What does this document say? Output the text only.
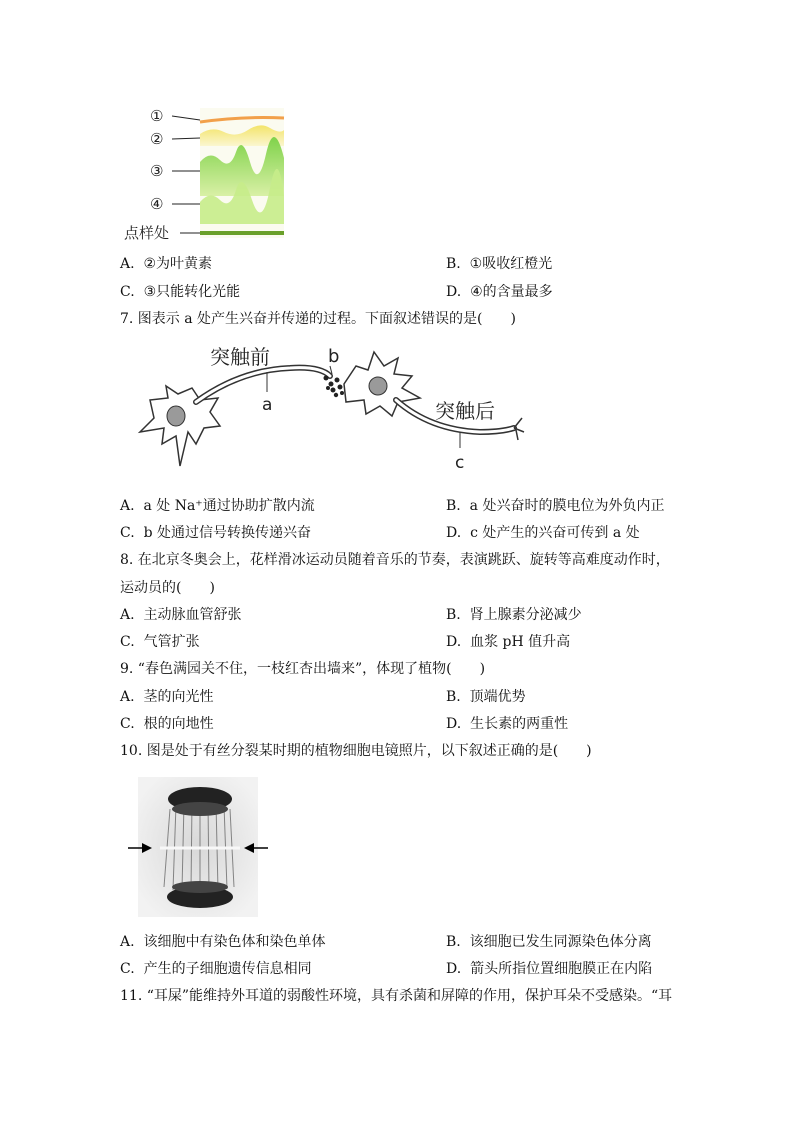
①
②
③
④
点样处
A. ②为叶黄素	B. ①吸收红橙光
C. ③只能转化光能	D. ④的含量最多
7. 图表示 a 处产生兴奋并传递的过程。下面叙述错误的是(　　)
突触前	b
a	突触后
c
A. a 处 Na⁺通过协助扩散内流	B. a 处兴奋时的膜电位为外负内正
C. b 处通过信号转换传递兴奋	D. c 处产生的兴奋可传到 a 处
8. 在北京冬奥会上，花样滑冰运动员随着音乐的节奏，表演跳跃、旋转等高难度动作时，
运动员的(　　)
A. 主动脉血管舒张	B. 肾上腺素分泌减少
C. 气管扩张	D. 血浆 pH 值升高
9. “春色满园关不住，一枝红杏出墙来”，体现了植物(　　)
A. 茎的向光性	B. 顶端优势
C. 根的向地性	D. 生长素的两重性
10. 图是处于有丝分裂某时期的植物细胞电镜照片，以下叙述正确的是(　　)
A. 该细胞中有染色体和染色单体	B. 该细胞已发生同源染色体分离
C. 产生的子细胞遗传信息相同	D. 箭头所指位置细胞膜正在内陷
11. “耳屎”能维持外耳道的弱酸性环境，具有杀菌和屏障的作用，保护耳朵不受感染。“耳
